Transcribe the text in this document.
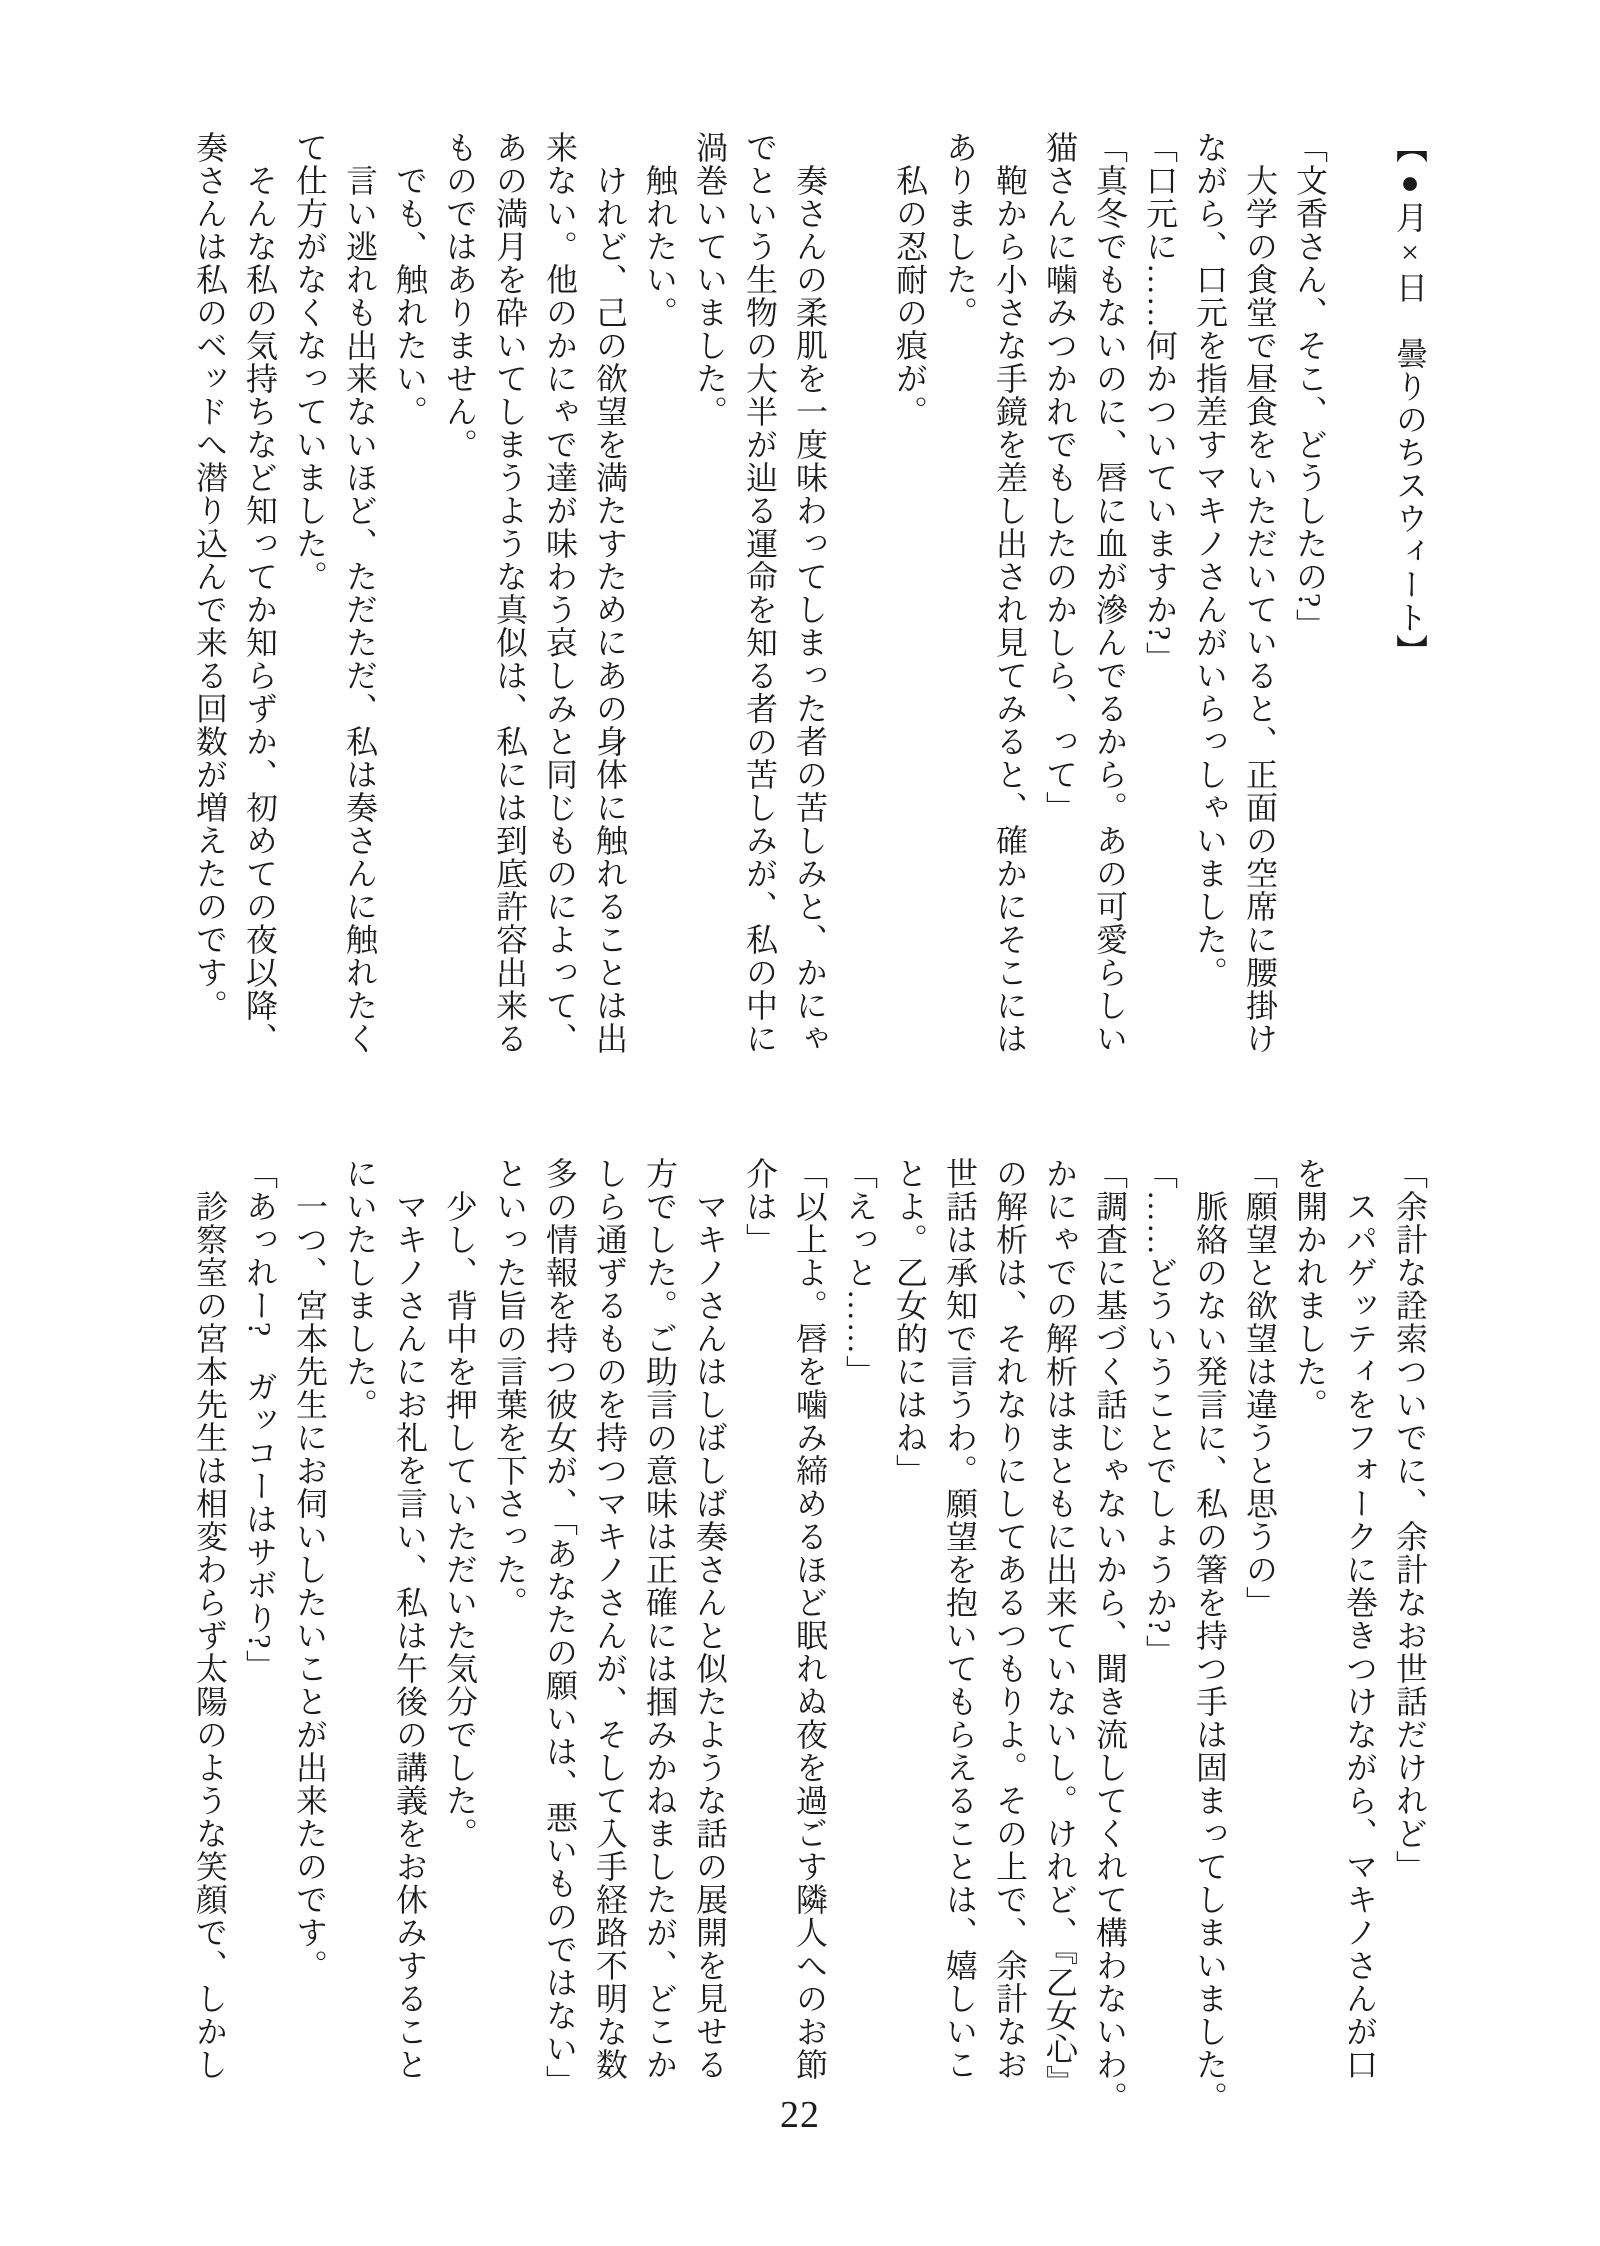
【●月×日　曇りのちスウィート】
「文香さん、そこ、どうしたの?」
　大学の食堂で昼食をいただいていると、正面の空席に腰掛け
ながら、口元を指差すマキノさんがいらっしゃいました。
「口元に……何かついていますか?」
「真冬でもないのに、唇に血が滲んでるから。あの可愛らしい
猫さんに噛みつかれでもしたのかしら、って」
　鞄から小さな手鏡を差し出され見てみると、確かにそこには
ありました。
　私の忍耐の痕が。
　奏さんの柔肌を一度味わってしまった者の苦しみと、かにゃ
でという生物の大半が辿る運命を知る者の苦しみが、私の中に
渦巻いていました。
　触れたい。
　けれど、己の欲望を満たすためにあの身体に触れることは出
来ない。他のかにゃで達が味わう哀しみと同じものによって、
あの満月を砕いてしまうような真似は、私には到底許容出来る
ものではありません。
　でも、触れたい。
　言い逃れも出来ないほど、ただただ、私は奏さんに触れたく
て仕方がなくなっていました。
　そんな私の気持ちなど知ってか知らずか、初めての夜以降、
奏さんは私のベッドへ潜り込んで来る回数が増えたのです。
「余計な詮索ついでに、余計なお世話だけれど」
　スパゲッティをフォークに巻きつけながら、マキノさんが口
を開かれました。
「願望と欲望は違うと思うの」
　脈絡のない発言に、私の箸を持つ手は固まってしまいました。
「……どういうことでしょうか?」
「調査に基づく話じゃないから、聞き流してくれて構わないわ。
かにゃでの解析はまともに出来ていないし。けれど、『乙女心』
の解析は、それなりにしてあるつもりよ。その上で、余計なお
世話は承知で言うわ。願望を抱いてもらえることは、嬉しいこ
とよ。乙女的にはね」
「えっと……」
「以上よ。唇を噛み締めるほど眠れぬ夜を過ごす隣人へのお節
介は」
　マキノさんはしばしば奏さんと似たような話の展開を見せる
方でした。ご助言の意味は正確には掴みかねましたが、どこか
しら通ずるものを持つマキノさんが、そして入手経路不明な数
多の情報を持つ彼女が、「あなたの願いは、悪いものではない」
といった旨の言葉を下さった。
　少し、背中を押していただいた気分でした。
　マキノさんにお礼を言い、私は午後の講義をお休みすること
にいたしました。
　一つ、宮本先生にお伺いしたいことが出来たのです。
「あっれー?　ガッコーはサボり?」
　診察室の宮本先生は相変わらず太陽のような笑顔で、しかし
22
